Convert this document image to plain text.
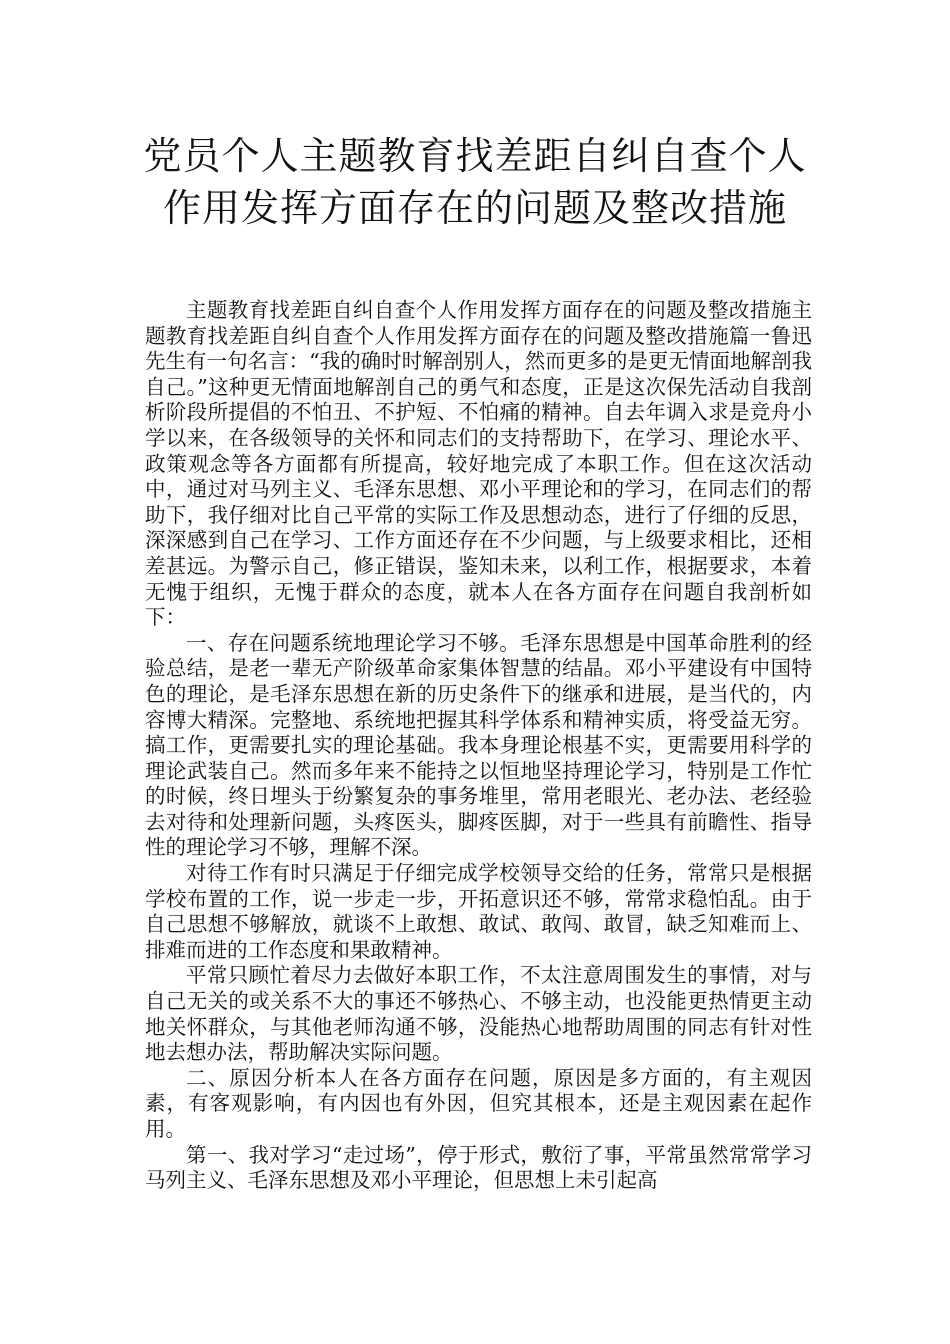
党员个人主题教育找差距自纠自查个人
作用发挥方面存在的问题及整改措施

主题教育找差距自纠自查个人作用发挥方面存在的问题及整改措施主题教育找差距自纠自查个人作用发挥方面存在的问题及整改措施篇一鲁迅先生有一句名言：“我的确时时解剖别人，然而更多的是更无情面地解剖我自己。”这种更无情面地解剖自己的勇气和态度，正是这次保先活动自我剖析阶段所提倡的不怕丑、不护短、不怕痛的精神。自去年调入求是竞舟小学以来，在各级领导的关怀和同志们的支持帮助下，在学习、理论水平、政策观念等各方面都有所提高，较好地完成了本职工作。但在这次活动中，通过对马列主义、毛泽东思想、邓小平理论和的学习，在同志们的帮助下，我仔细对比自己平常的实际工作及思想动态，进行了仔细的反思，深深感到自己在学习、工作方面还存在不少问题，与上级要求相比，还相差甚远。为警示自己，修正错误，鉴知未来，以利工作，根据要求，本着无愧于组织，无愧于群众的态度，就本人在各方面存在问题自我剖析如下：

一、存在问题系统地理论学习不够。毛泽东思想是中国革命胜利的经验总结，是老一辈无产阶级革命家集体智慧的结晶。邓小平建设有中国特色的理论，是毛泽东思想在新的历史条件下的继承和进展，是当代的，内容博大精深。完整地、系统地把握其科学体系和精神实质，将受益无穷。搞工作，更需要扎实的理论基础。我本身理论根基不实，更需要用科学的理论武装自己。然而多年来不能持之以恒地坚持理论学习，特别是工作忙的时候，终日埋头于纷繁复杂的事务堆里，常用老眼光、老办法、老经验去对待和处理新问题，头疼医头，脚疼医脚，对于一些具有前瞻性、指导性的理论学习不够，理解不深。

对待工作有时只满足于仔细完成学校领导交给的任务，常常只是根据学校布置的工作，说一步走一步，开拓意识还不够，常常求稳怕乱。由于自己思想不够解放，就谈不上敢想、敢试、敢闯、敢冒，缺乏知难而上、排难而进的工作态度和果敢精神。

平常只顾忙着尽力去做好本职工作，不太注意周围发生的事情，对与自己无关的或关系不大的事还不够热心、不够主动，也没能更热情更主动地关怀群众，与其他老师沟通不够，没能热心地帮助周围的同志有针对性地去想办法，帮助解决实际问题。

二、原因分析本人在各方面存在问题，原因是多方面的，有主观因素，有客观影响，有内因也有外因，但究其根本，还是主观因素在起作用。

第一、我对学习“走过场”，停于形式，敷衍了事，平常虽然常常学习马列主义、毛泽东思想及邓小平理论，但思想上未引起高
